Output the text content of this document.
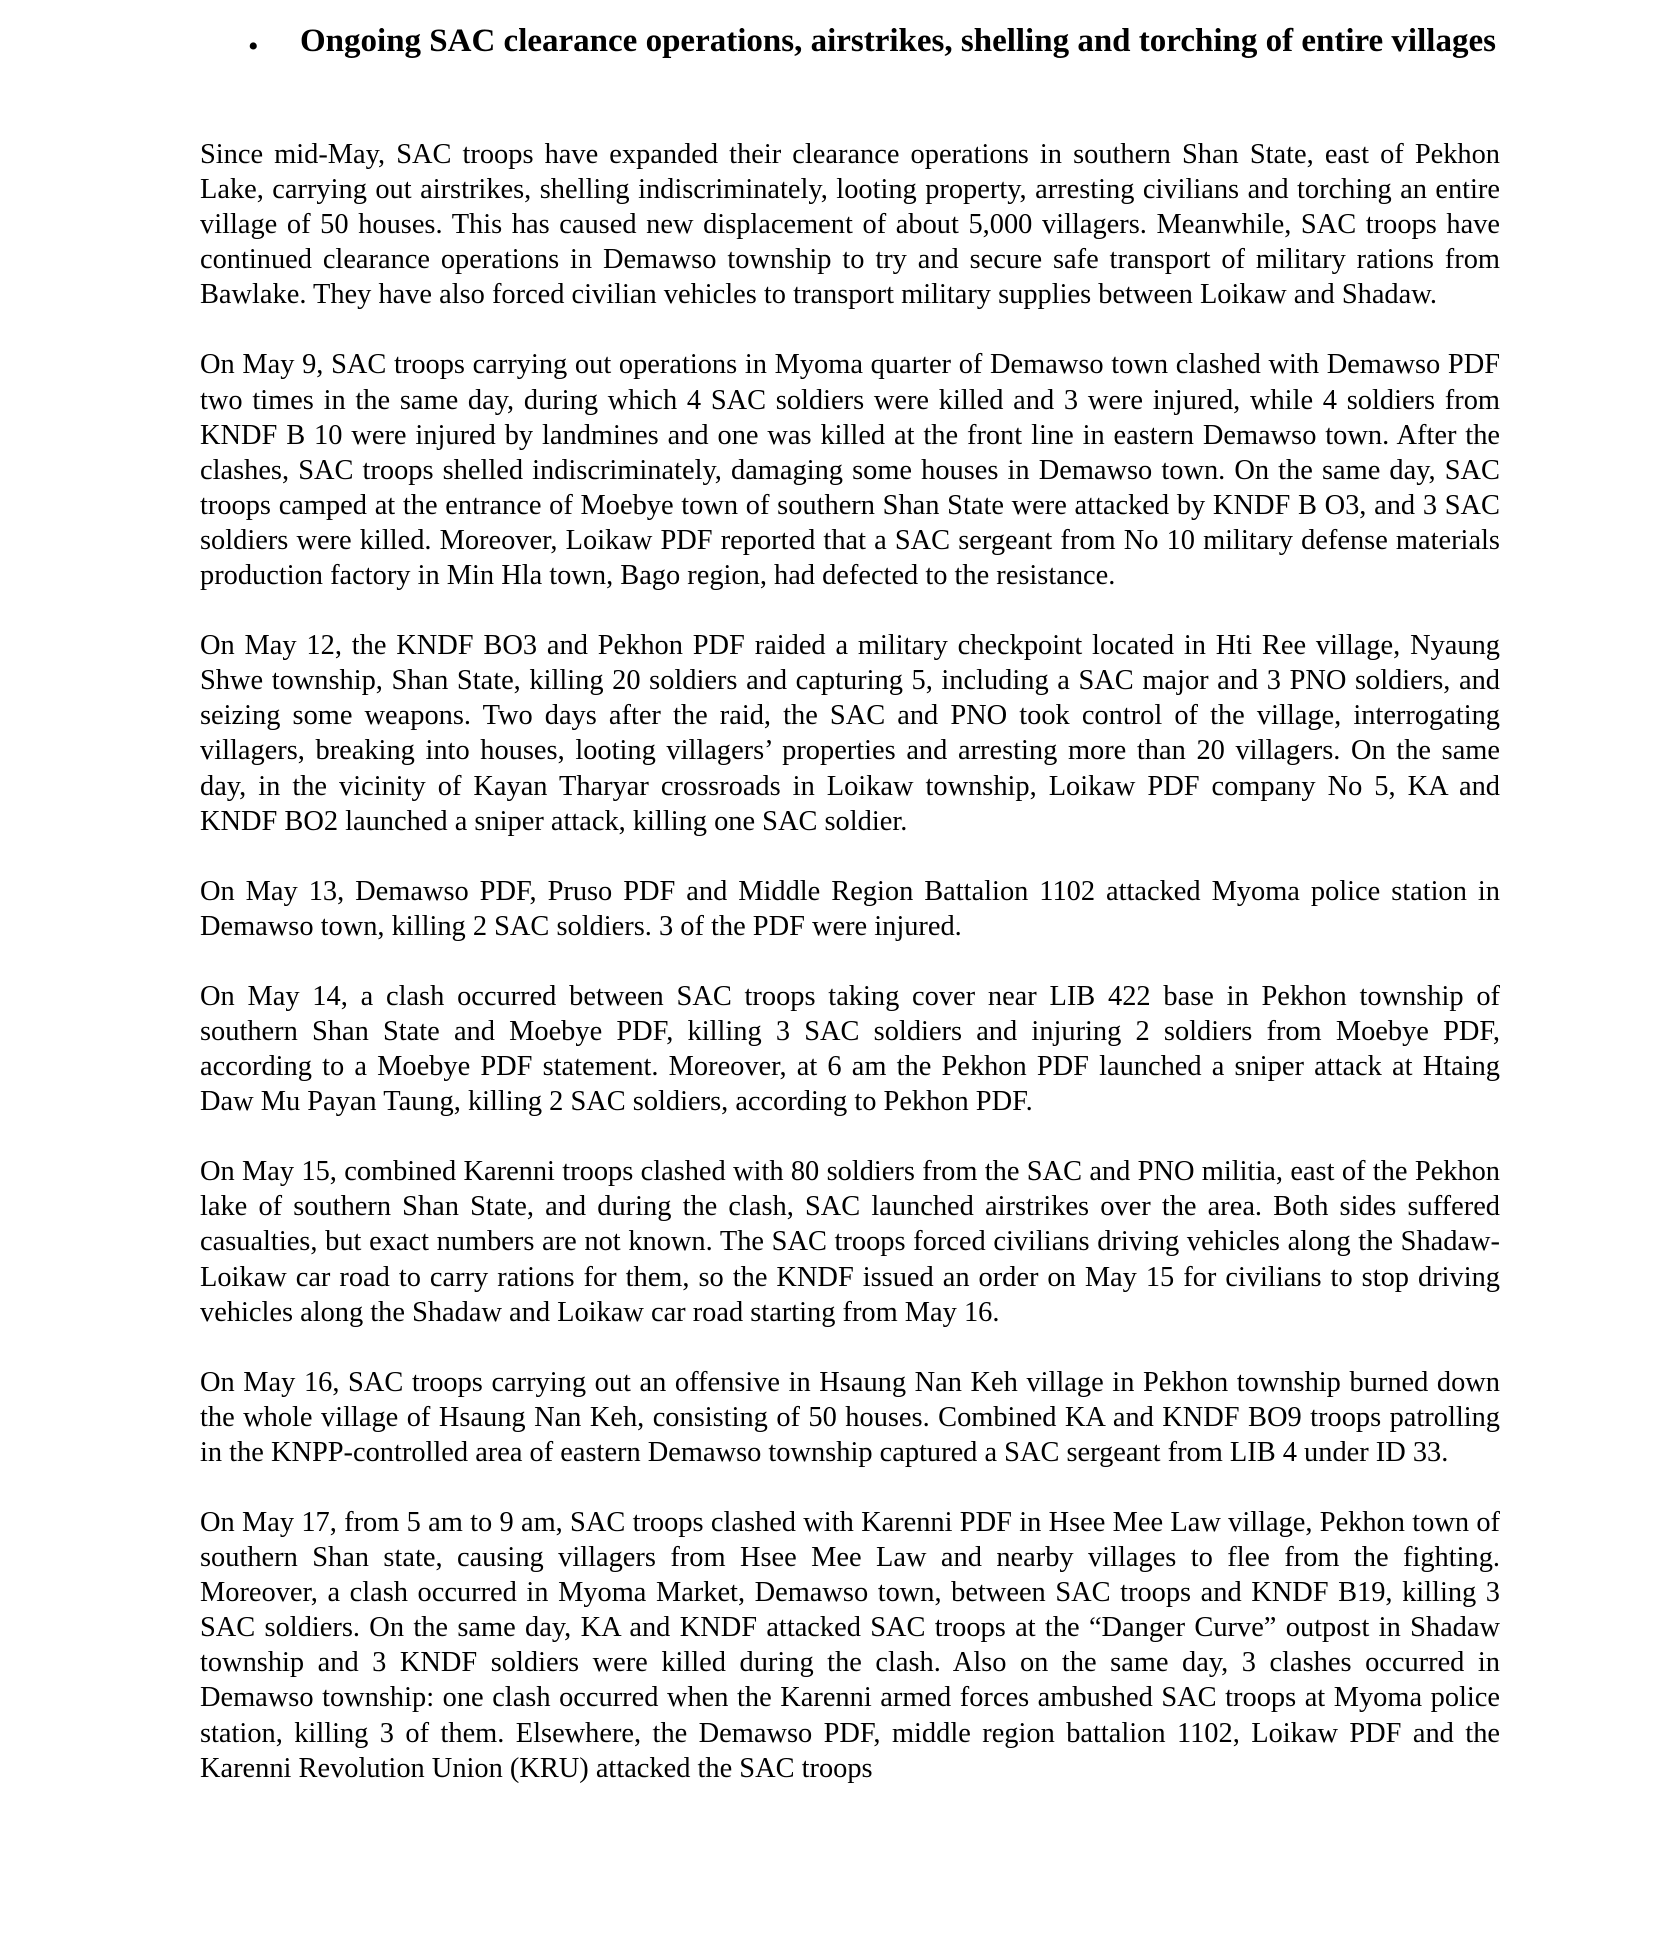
• Ongoing SAC clearance operations, airstrikes, shelling and torching of entire villages

Since mid-May, SAC troops have expanded their clearance operations in southern Shan State, east of Pekhon Lake, carrying out airstrikes, shelling indiscriminately, looting property, arresting civilians and torching an entire village of 50 houses. This has caused new displacement of about 5,000 villagers. Meanwhile, SAC troops have continued clearance operations in Demawso township to try and secure safe transport of military rations from Bawlake. They have also forced civilian vehicles to transport military supplies between Loikaw and Shadaw.

On May 9, SAC troops carrying out operations in Myoma quarter of Demawso town clashed with Demawso PDF two times in the same day, during which 4 SAC soldiers were killed and 3 were injured, while 4 soldiers from KNDF B 10 were injured by landmines and one was killed at the front line in eastern Demawso town. After the clashes, SAC troops shelled indiscriminately, damaging some houses in Demawso town. On the same day, SAC troops camped at the entrance of Moebye town of southern Shan State were attacked by KNDF B O3, and 3 SAC soldiers were killed. Moreover, Loikaw PDF reported that a SAC sergeant from No 10 military defense materials production factory in Min Hla town, Bago region, had defected to the resistance.

On May 12, the KNDF BO3 and Pekhon PDF raided a military checkpoint located in Hti Ree village, Nyaung Shwe township, Shan State, killing 20 soldiers and capturing 5, including a SAC major and 3 PNO soldiers, and seizing some weapons. Two days after the raid, the SAC and PNO took control of the village, interrogating villagers, breaking into houses, looting villagers’ properties and arresting more than 20 villagers. On the same day, in the vicinity of Kayan Tharyar crossroads in Loikaw township, Loikaw PDF company No 5, KA and KNDF BO2 launched a sniper attack, killing one SAC soldier.

On May 13, Demawso PDF, Pruso PDF and Middle Region Battalion 1102 attacked Myoma police station in Demawso town, killing 2 SAC soldiers. 3 of the PDF were injured.

On May 14, a clash occurred between SAC troops taking cover near LIB 422 base in Pekhon township of southern Shan State and Moebye PDF, killing 3 SAC soldiers and injuring 2 soldiers from Moebye PDF, according to a Moebye PDF statement. Moreover, at 6 am the Pekhon PDF launched a sniper attack at Htaing Daw Mu Payan Taung, killing 2 SAC soldiers, according to Pekhon PDF.

On May 15, combined Karenni troops clashed with 80 soldiers from the SAC and PNO militia, east of the Pekhon lake of southern Shan State, and during the clash, SAC launched airstrikes over the area. Both sides suffered casualties, but exact numbers are not known. The SAC troops forced civilians driving vehicles along the Shadaw-Loikaw car road to carry rations for them, so the KNDF issued an order on May 15 for civilians to stop driving vehicles along the Shadaw and Loikaw car road starting from May 16.

On May 16, SAC troops carrying out an offensive in Hsaung Nan Keh village in Pekhon township burned down the whole village of Hsaung Nan Keh, consisting of 50 houses. Combined KA and KNDF BO9 troops patrolling in the KNPP-controlled area of eastern Demawso township captured a SAC sergeant from LIB 4 under ID 33.

On May 17, from 5 am to 9 am, SAC troops clashed with Karenni PDF in Hsee Mee Law village, Pekhon town of southern Shan state, causing villagers from Hsee Mee Law and nearby villages to flee from the fighting. Moreover, a clash occurred in Myoma Market, Demawso town, between SAC troops and KNDF B19, killing 3 SAC soldiers. On the same day, KA and KNDF attacked SAC troops at the “Danger Curve” outpost in Shadaw township and 3 KNDF soldiers were killed during the clash. Also on the same day, 3 clashes occurred in Demawso township: one clash occurred when the Karenni armed forces ambushed SAC troops at Myoma police station, killing 3 of them. Elsewhere, the Demawso PDF, middle region battalion 1102, Loikaw PDF and the Karenni Revolution Union (KRU) attacked the SAC troops
